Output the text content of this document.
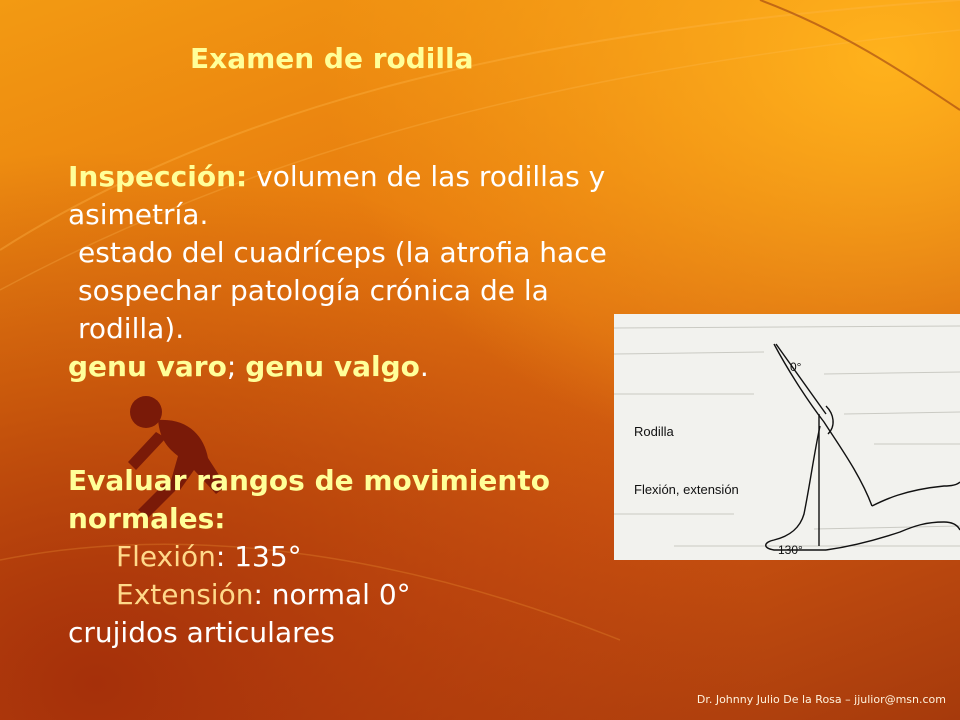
Examen de rodilla

Inspección: volumen de las rodillas y asimetría.

estado del cuadríceps (la atrofia hace sospechar patología crónica de la rodilla).

genu varo; genu valgo.

Evaluar rangos de movimiento normales:

Flexión: 135°

Extensión: normal 0°

crujidos articulares

0°
Rodilla
Flexión, extensión
130°
Dr. Johnny Julio De la Rosa – jjulior@msn.com
